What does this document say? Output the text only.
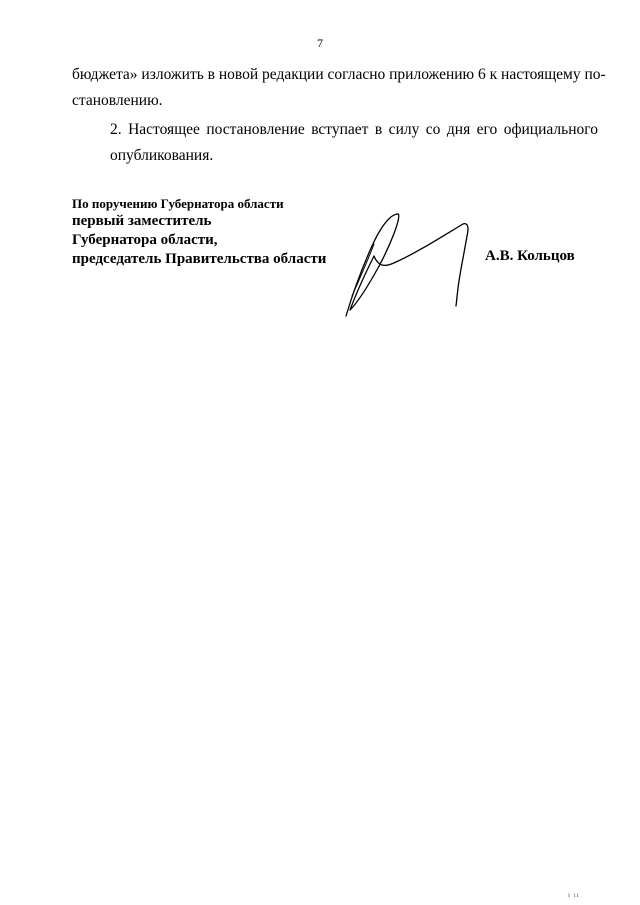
7
бюджета» изложить в новой редакции согласно приложению 6 к настоящему по-
становлению.
2. Настоящее постановление вступает в силу со дня его официального
опубликования.
По поручению Губернатора области
первый заместитель
Губернатора области,
председатель Правительства области	А.В. Кольцов
ı ıı
